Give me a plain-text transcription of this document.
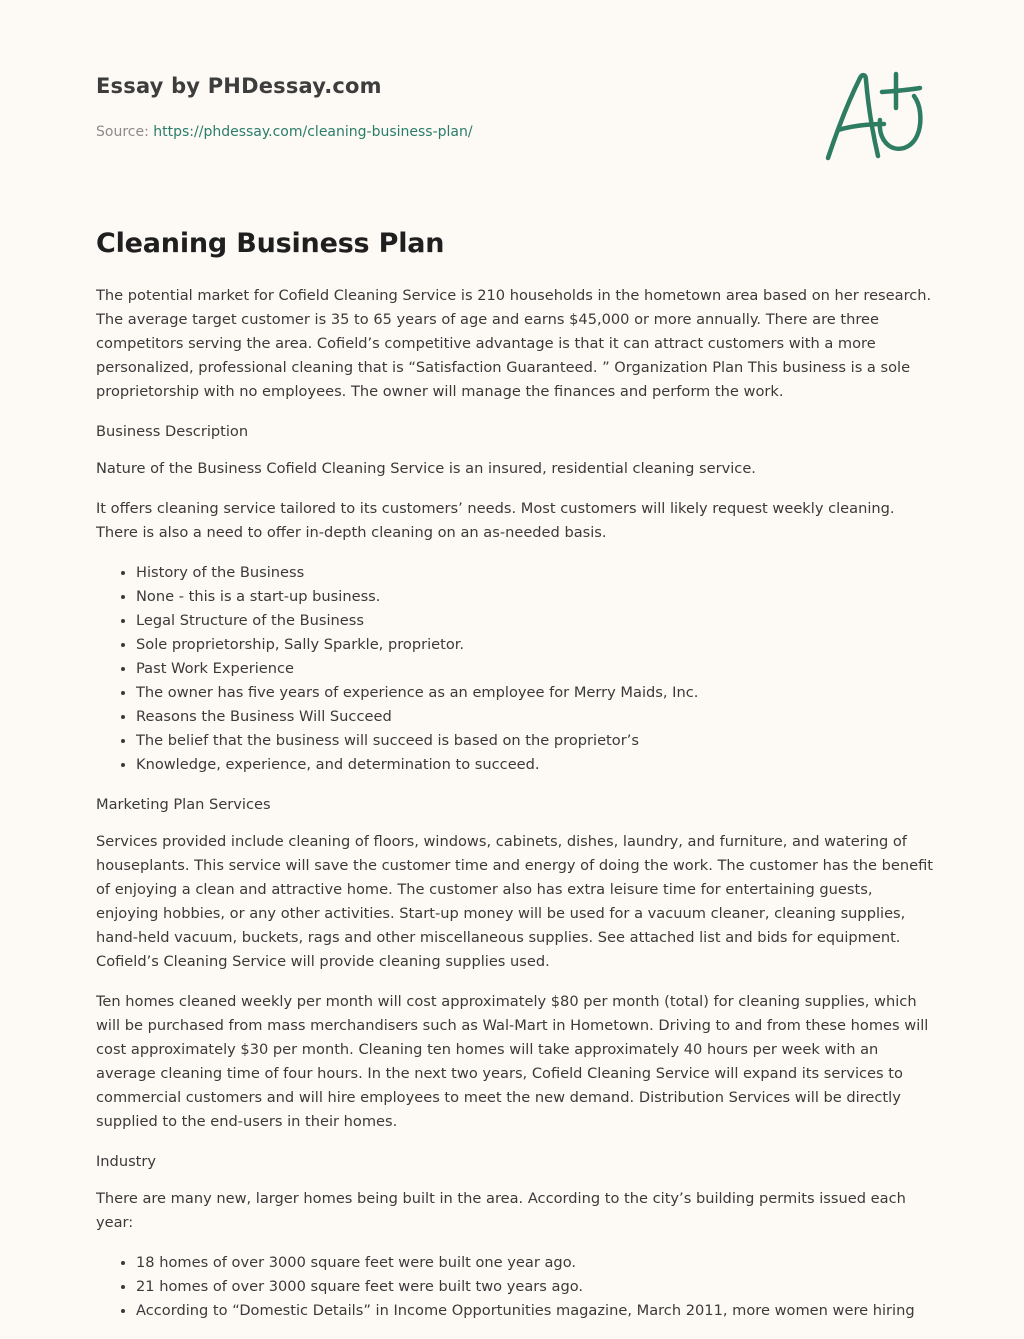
Essay by PHDessay.com
Source: https://phdessay.com/cleaning-business-plan/
Cleaning Business Plan

The potential market for Cofield Cleaning Service is 210 households in the hometown area based on her research. The average target customer is 35 to 65 years of age and earns $45,000 or more annually. There are three competitors serving the area. Cofield’s competitive advantage is that it can attract customers with a more personalized, professional cleaning that is “Satisfaction Guaranteed. ” Organization Plan This business is a sole proprietorship with no employees. The owner will manage the finances and perform the work.

Business Description

Nature of the Business Cofield Cleaning Service is an insured, residential cleaning service.

It offers cleaning service tailored to its customers’ needs. Most customers will likely request weekly cleaning. There is also a need to offer in-depth cleaning on an as-needed basis.

• History of the Business
• None - this is a start-up business.
• Legal Structure of the Business
• Sole proprietorship, Sally Sparkle, proprietor.
• Past Work Experience
• The owner has five years of experience as an employee for Merry Maids, Inc.
• Reasons the Business Will Succeed
• The belief that the business will succeed is based on the proprietor’s
• Knowledge, experience, and determination to succeed.

Marketing Plan Services

Services provided include cleaning of floors, windows, cabinets, dishes, laundry, and furniture, and watering of houseplants. This service will save the customer time and energy of doing the work. The customer has the benefit of enjoying a clean and attractive home. The customer also has extra leisure time for entertaining guests, enjoying hobbies, or any other activities. Start-up money will be used for a vacuum cleaner, cleaning supplies, hand-held vacuum, buckets, rags and other miscellaneous supplies. See attached list and bids for equipment. Cofield’s Cleaning Service will provide cleaning supplies used.

Ten homes cleaned weekly per month will cost approximately $80 per month (total) for cleaning supplies, which will be purchased from mass merchandisers such as Wal-Mart in Hometown. Driving to and from these homes will cost approximately $30 per month. Cleaning ten homes will take approximately 40 hours per week with an average cleaning time of four hours. In the next two years, Cofield Cleaning Service will expand its services to commercial customers and will hire employees to meet the new demand. Distribution Services will be directly supplied to the end-users in their homes.

Industry

There are many new, larger homes being built in the area. According to the city’s building permits issued each year:

• 18 homes of over 3000 square feet were built one year ago.
• 21 homes of over 3000 square feet were built two years ago.
• According to “Domestic Details” in Income Opportunities magazine, March 2011, more women were hiring
